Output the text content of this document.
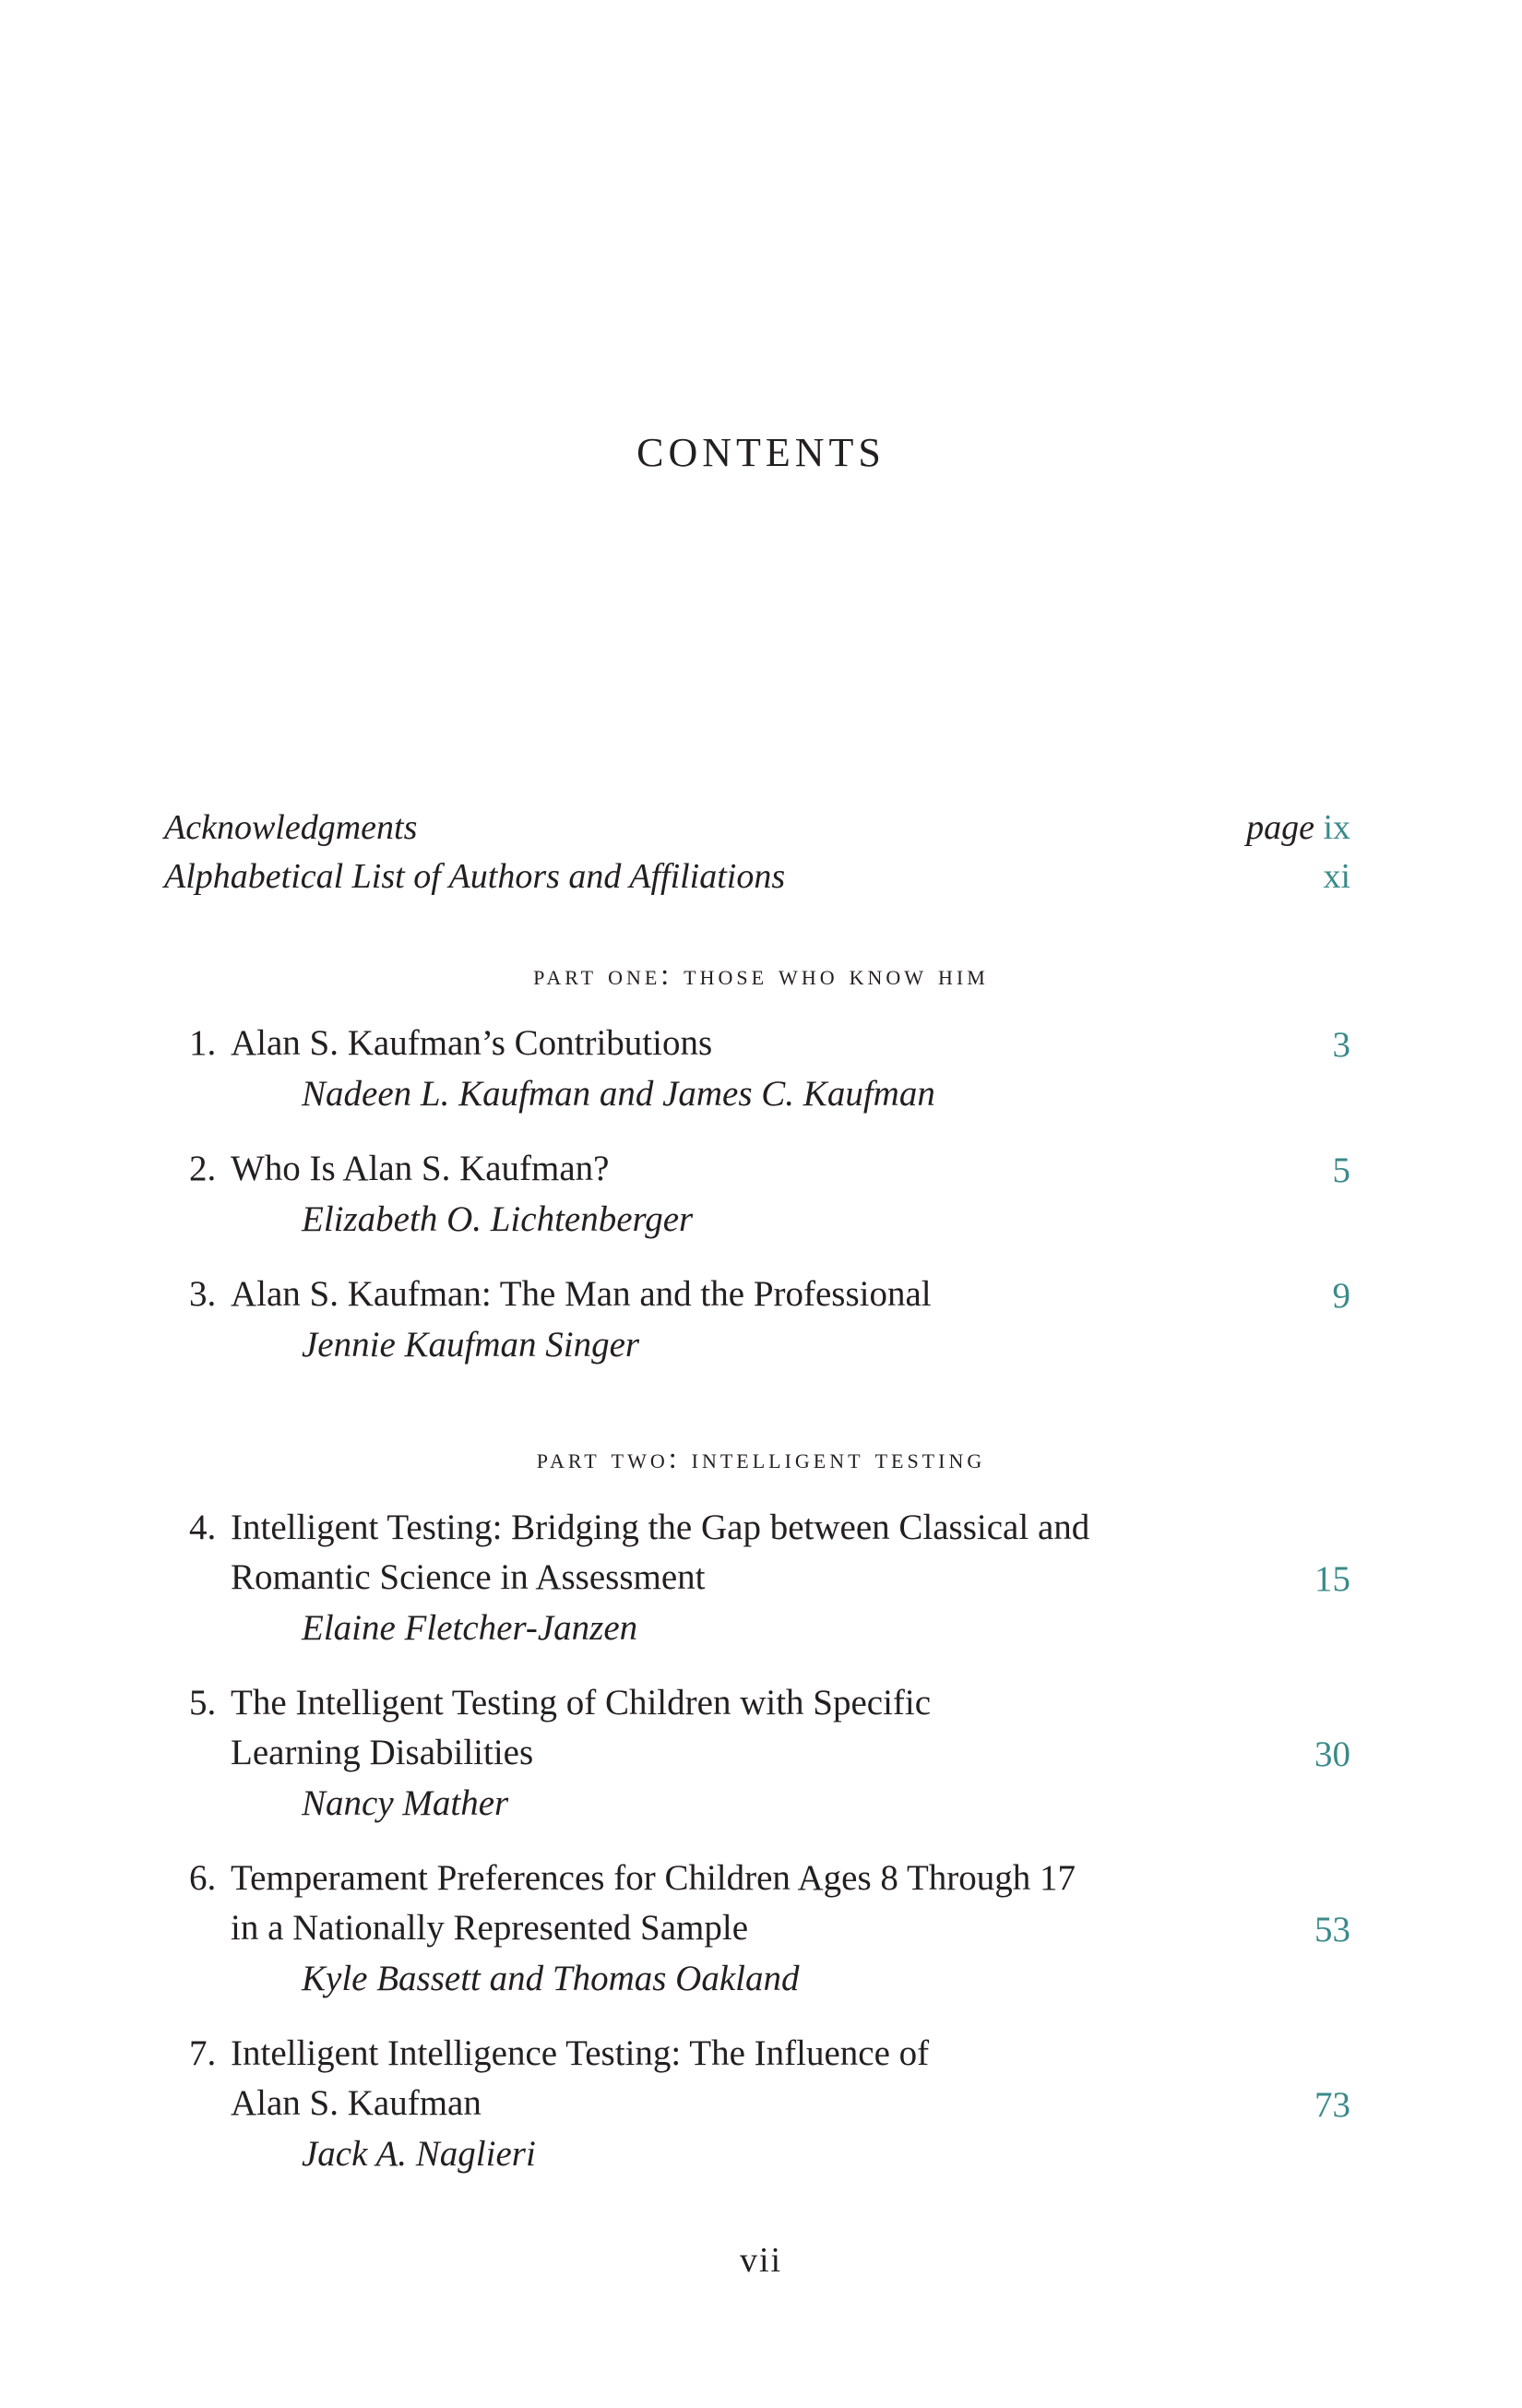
CONTENTS
Acknowledgments	page ix
Alphabetical List of Authors and Affiliations	xi
part one: those who know him
1. Alan S. Kaufman’s Contributions
Nadeen L. Kaufman and James C. Kaufman
3
2. Who Is Alan S. Kaufman?
Elizabeth O. Lichtenberger
5
3. Alan S. Kaufman: The Man and the Professional
Jennie Kaufman Singer
9
part two: intelligent testing
4. Intelligent Testing: Bridging the Gap between Classical and
Romantic Science in Assessment
Elaine Fletcher-Janzen
15
5. The Intelligent Testing of Children with Specific
Learning Disabilities
Nancy Mather
30
6. Temperament Preferences for Children Ages 8 Through 17
in a Nationally Represented Sample
Kyle Bassett and Thomas Oakland
53
7. Intelligent Intelligence Testing: The Influence of
Alan S. Kaufman
Jack A. Naglieri
73
vii
